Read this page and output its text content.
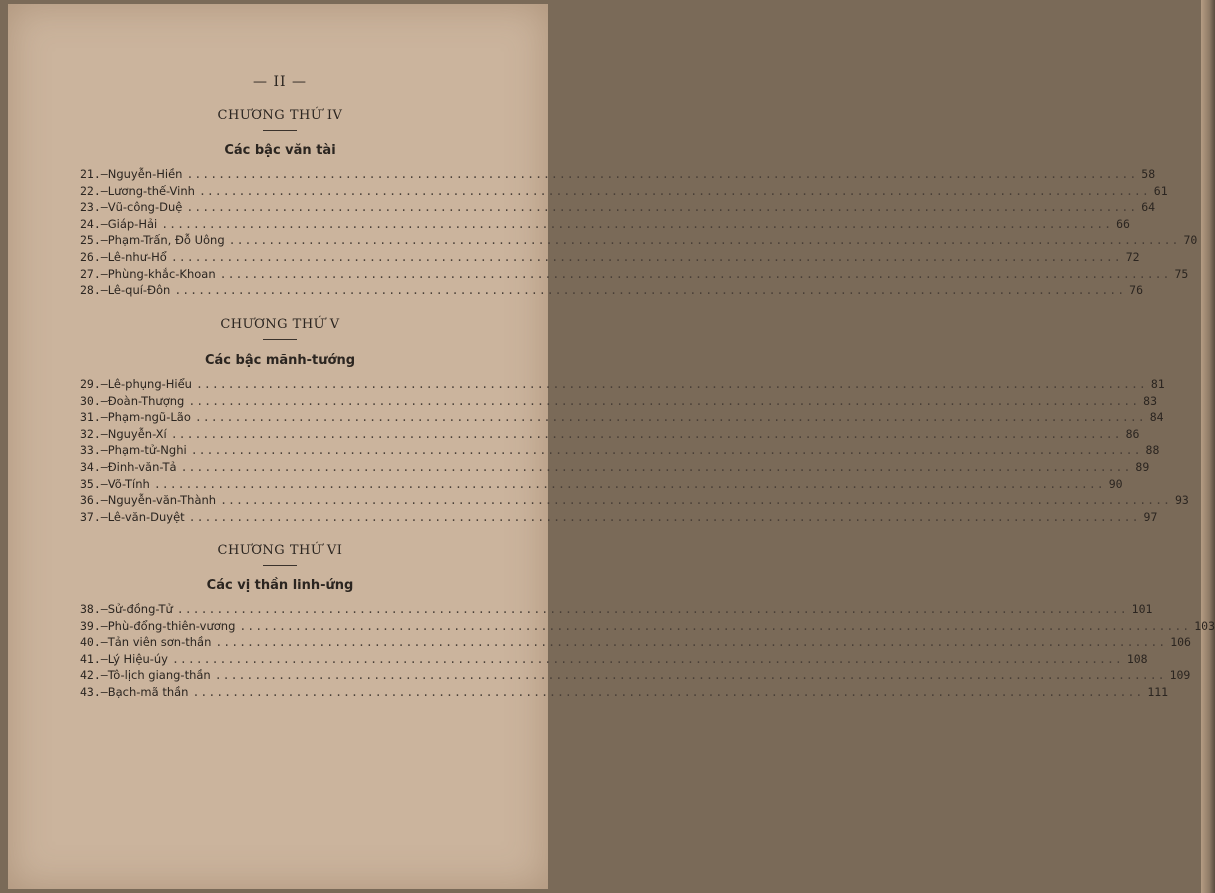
— II —
CHƯƠNG THỨ IV
Các bậc văn tài
21. — Nguyễn-Hiền ........................................................................................................................ 58
22. — Lương-thế-Vinh ........................................................................................................................ 61
23. — Vũ-công-Duệ ........................................................................................................................ 64
24. — Giáp-Hải ........................................................................................................................ 66
25. — Phạm-Trấn, Đỗ Uông ........................................................................................................................ 70
26. — Lê-như-Hổ ........................................................................................................................ 72
27. — Phùng-khắc-Khoan ........................................................................................................................ 75
28. — Lê-quí-Đôn ........................................................................................................................ 76
CHƯƠNG THỨ V
Các bậc mãnh-tướng
29. — Lê-phụng-Hiểu ........................................................................................................................ 81
30. — Đoàn-Thượng ........................................................................................................................ 83
31. — Phạm-ngũ-Lão ........................................................................................................................ 84
32. — Nguyễn-Xí ........................................................................................................................ 86
33. — Phạm-tử-Nghi ........................................................................................................................ 88
34. — Đinh-văn-Tả ........................................................................................................................ 89
35. — Võ-Tính ........................................................................................................................ 90
36. — Nguyễn-văn-Thành ........................................................................................................................ 93
37. — Lê-văn-Duyệt ........................................................................................................................ 97
CHƯƠNG THỨ VI
Các vị thần linh-ứng
38. — Sử-đồng-Tử ........................................................................................................................ 101
39. — Phù-đổng-thiên-vương ........................................................................................................................ 103
40. — Tản viên sơn-thần ........................................................................................................................ 106
41. — Lý Hiệu-úy ........................................................................................................................ 108
42. — Tô-lịch giang-thần ........................................................................................................................ 109
43. — Bạch-mã thần ........................................................................................................................ 111
